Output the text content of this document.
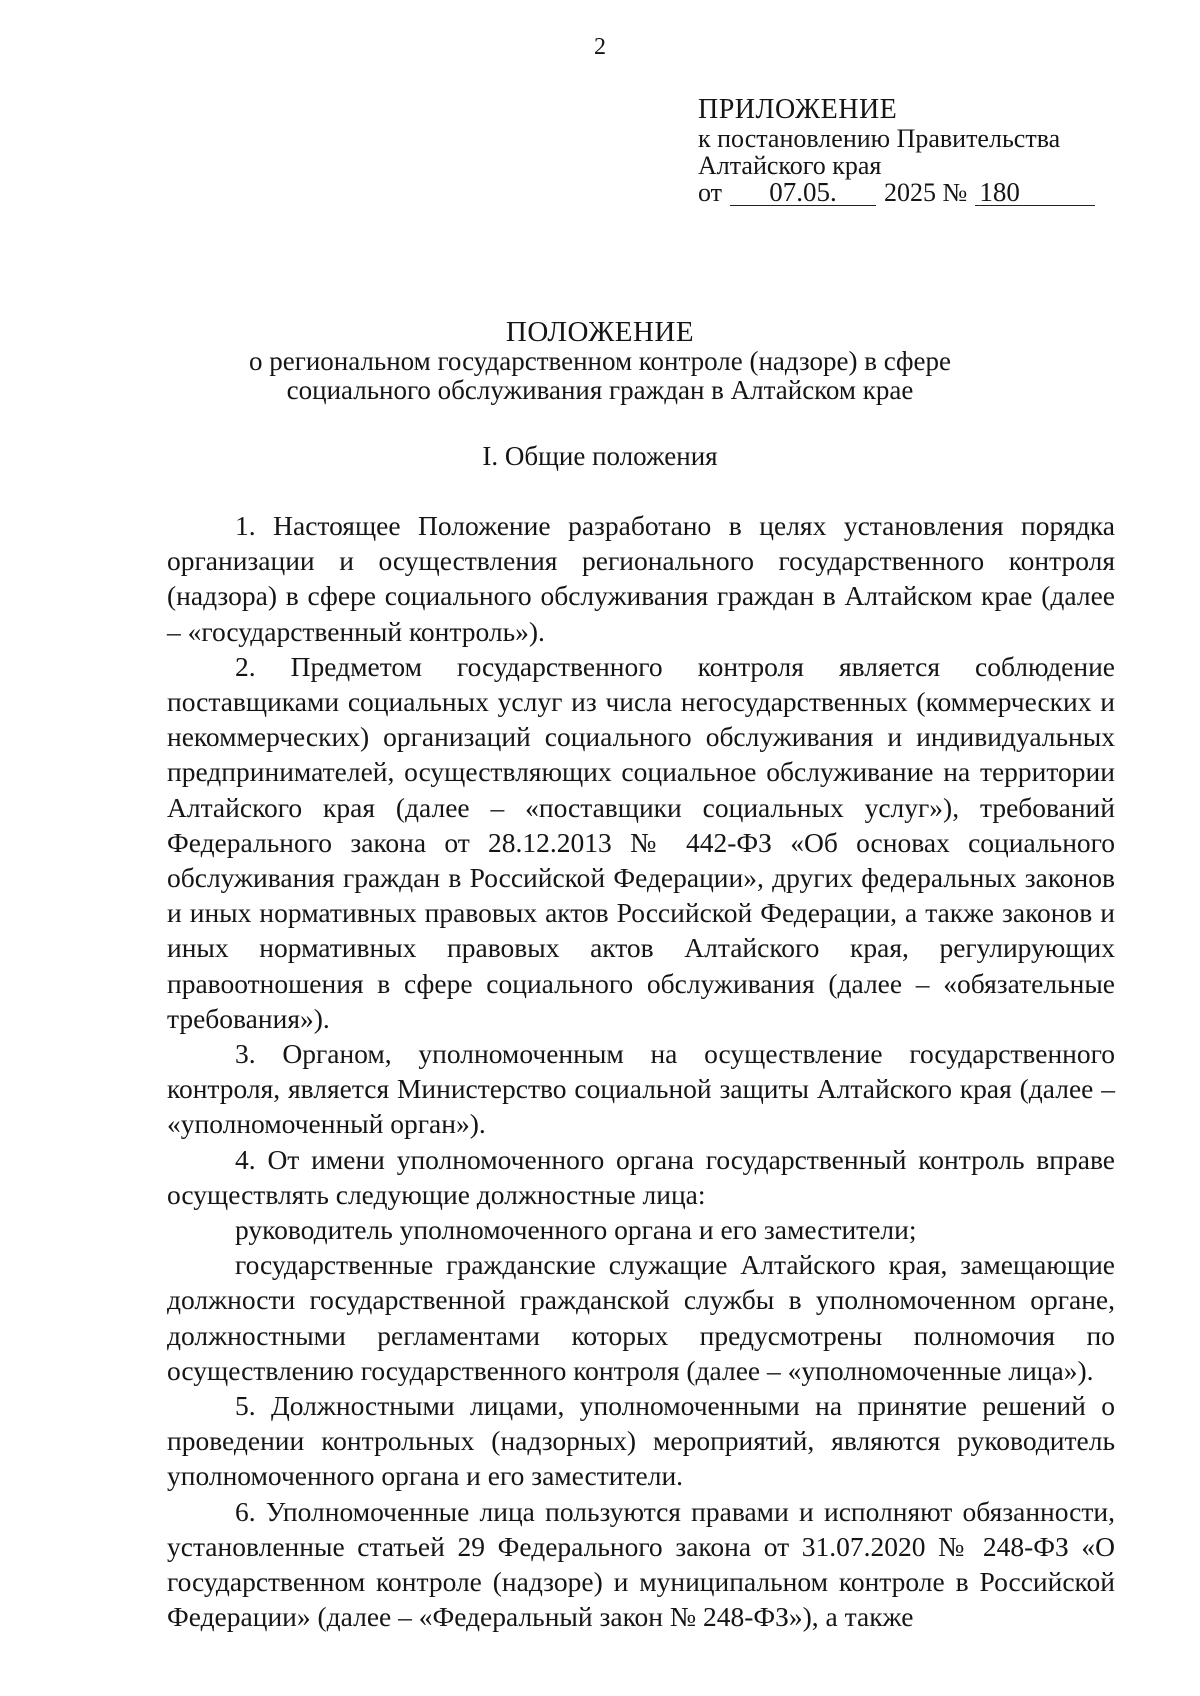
2
ПРИЛОЖЕНИЕ
к постановлению Правительства
Алтайского края
от	07.05.	2025 № 180
ПОЛОЖЕНИЕ
о региональном государственном контроле (надзоре) в сфере
социального обслуживания граждан в Алтайском крае
I. Общие положения

1. Настоящее Положение разработано в целях установления порядка организации и осуществления регионального государственного контроля (надзора) в сфере социального обслуживания граждан в Алтайском крае (далее – «государственный контроль»).

2. Предметом государственного контроля является соблюдение поставщиками социальных услуг из числа негосударственных (коммерческих и некоммерческих) организаций социального обслуживания и индивидуальных предпринимателей, осуществляющих социальное обслуживание на территории Алтайского края (далее – «поставщики социальных услуг»), требований Федерального закона от 28.12.2013 № 442-ФЗ «Об основах социального обслуживания граждан в Российской Федерации», других федеральных законов и иных нормативных правовых актов Российской Федерации, а также законов и иных нормативных правовых актов Алтайского края, регулирующих правоотношения в сфере социального обслуживания (далее – «обязательные требования»).

3. Органом, уполномоченным на осуществление государственного контроля, является Министерство социальной защиты Алтайского края (далее – «уполномоченный орган»).

4. От имени уполномоченного органа государственный контроль вправе осуществлять следующие должностные лица:

руководитель уполномоченного органа и его заместители;

государственные гражданские служащие Алтайского края, замещающие должности государственной гражданской службы в уполномоченном органе, должностными регламентами которых предусмотрены полномочия по осуществлению государственного контроля (далее – «уполномоченные лица»).

5. Должностными лицами, уполномоченными на принятие решений о проведении контрольных (надзорных) мероприятий, являются руководитель уполномоченного органа и его заместители.

6. Уполномоченные лица пользуются правами и исполняют обязанности, установленные статьей 29 Федерального закона от 31.07.2020 № 248-ФЗ «О государственном контроле (надзоре) и муниципальном контроле в Российской Федерации» (далее – «Федеральный закон № 248-ФЗ»), а также
